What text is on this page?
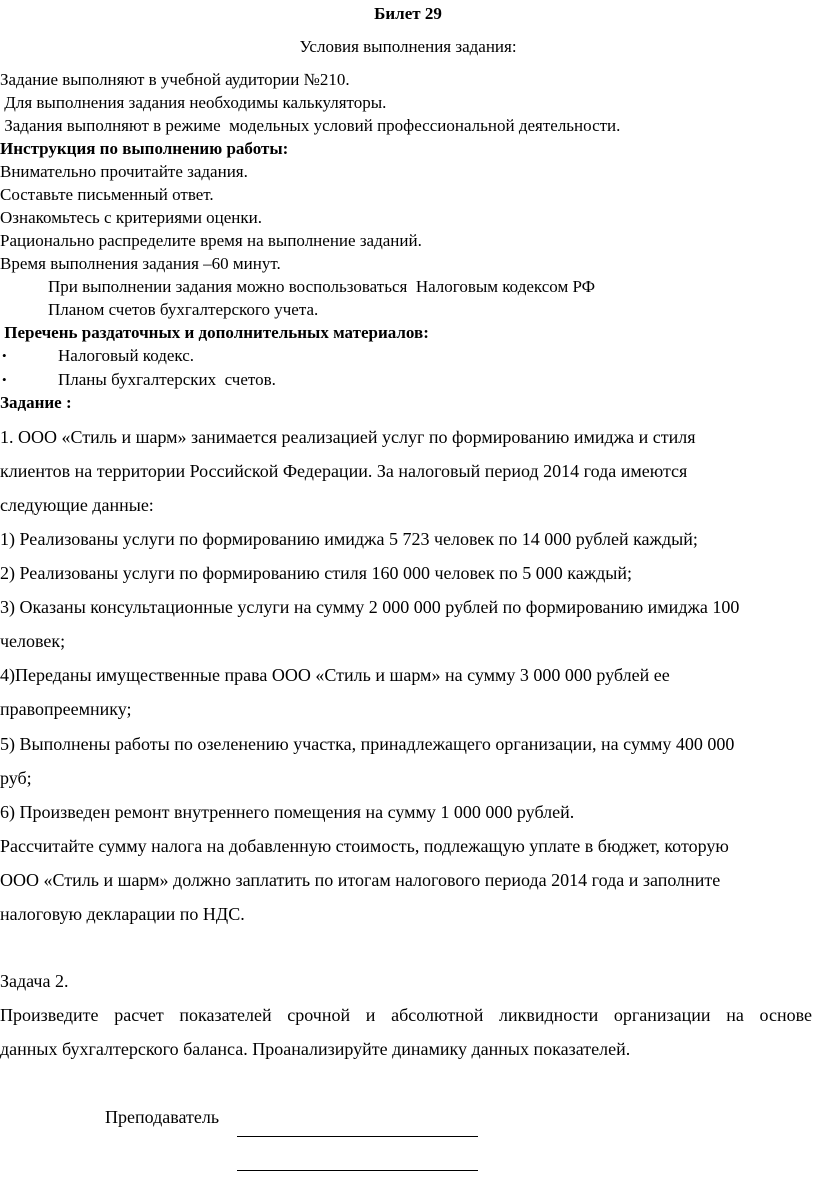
Билет 29
Условия выполнения задания:
Задание выполняют в учебной аудитории №210.
Для выполнения задания необходимы калькуляторы.
Задания выполняют в режиме  модельных условий профессиональной деятельности.
Инструкция по выполнению работы:
Внимательно прочитайте задания.
Составьте письменный ответ.
Ознакомьтесь с критериями оценки.
Рационально распределите время на выполнение заданий.
Время выполнения задания –60 минут.
При выполнении задания можно воспользоваться  Налоговым кодексом РФ
Планом счетов бухгалтерского учета.
Перечень раздаточных и дополнительных материалов:
•	Налоговый кодекс.
•	Планы бухгалтерских  счетов.
Задание :
1. ООО «Стиль и шарм» занимается реализацией услуг по формированию имиджа и стиля
клиентов на территории Российской Федерации. За налоговый период 2014 года имеются
следующие данные:
1) Реализованы услуги по формированию имиджа 5 723 человек по 14 000 рублей каждый;
2) Реализованы услуги по формированию стиля 160 000 человек по 5 000 каждый;
3) Оказаны консультационные услуги на сумму 2 000 000 рублей по формированию имиджа 100
человек;
4)Переданы имущественные права ООО «Стиль и шарм» на сумму 3 000 000 рублей ее
правопреемнику;
5) Выполнены работы по озеленению участка, принадлежащего организации, на сумму 400 000
руб;
6) Произведен ремонт внутреннего помещения на сумму 1 000 000 рублей.
Рассчитайте сумму налога на добавленную стоимость, подлежащую уплате в бюджет, которую
ООО «Стиль и шарм» должно заплатить по итогам налогового периода 2014 года и заполните
налоговую декларации по НДС.
Задача 2.
Произведите расчет показателей срочной и абсолютной ликвидности организации на основе
данных бухгалтерского баланса. Проанализируйте динамику данных показателей.
Преподаватель
